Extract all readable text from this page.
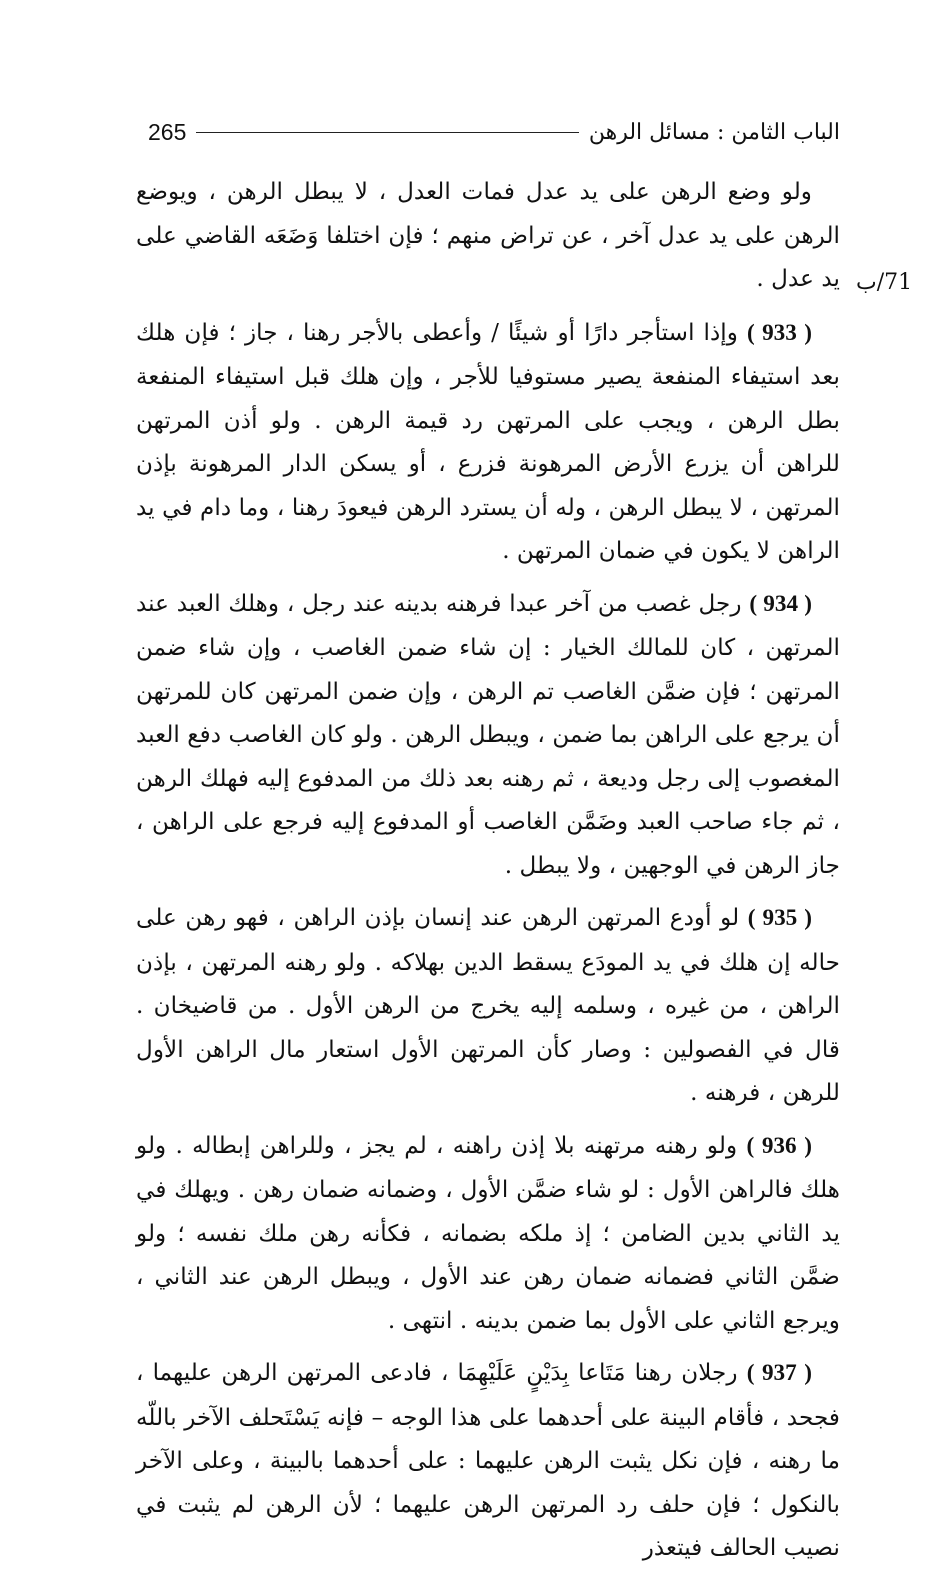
الباب الثامن : مسائل الرهن
265
71/ب

ولو وضع الرهن على يد عدل فمات العدل ، لا يبطل الرهن ، ويوضع الرهن على يد عدل آخر ، عن تراض منهم ؛ فإن اختلفا وَضَعَه القاضي على يد عدل .

( 933 ) وإذا استأجر دارًا أو شيئًا / وأعطى بالأجر رهنا ، جاز ؛ فإن هلك بعد استيفاء المنفعة يصير مستوفيا للأجر ، وإن هلك قبل استيفاء المنفعة بطل الرهن ، ويجب على المرتهن رد قيمة الرهن . ولو أذن المرتهن للراهن أن يزرع الأرض المرهونة فزرع ، أو يسكن الدار المرهونة بإذن المرتهن ، لا يبطل الرهن ، وله أن يسترد الرهن فيعودَ رهنا ، وما دام في يد الراهن لا يكون في ضمان المرتهن .

( 934 ) رجل غصب من آخر عبدا فرهنه بدينه عند رجل ، وهلك العبد عند المرتهن ، كان للمالك الخيار : إن شاء ضمن الغاصب ، وإن شاء ضمن المرتهن ؛ فإن ضمَّن الغاصب تم الرهن ، وإن ضمن المرتهن كان للمرتهن أن يرجع على الراهن بما ضمن ، ويبطل الرهن . ولو كان الغاصب دفع العبد المغصوب إلى رجل وديعة ، ثم رهنه بعد ذلك من المدفوع إليه فهلك الرهن ، ثم جاء صاحب العبد وضَمَّن الغاصب أو المدفوع إليه فرجع على الراهن ، جاز الرهن في الوجهين ، ولا يبطل .

( 935 ) لو أودع المرتهن الرهن عند إنسان بإذن الراهن ، فهو رهن على حاله إن هلك في يد المودَع يسقط الدين بهلاكه . ولو رهنه المرتهن ، بإذن الراهن ، من غيره ، وسلمه إليه يخرج من الرهن الأول . من قاضيخان . قال في الفصولين : وصار كأن المرتهن الأول استعار مال الراهن الأول للرهن ، فرهنه .

( 936 ) ولو رهنه مرتهنه بلا إذن راهنه ، لم يجز ، وللراهن إبطاله . ولو هلك فالراهن الأول : لو شاء ضمَّن الأول ، وضمانه ضمان رهن . ويهلك في يد الثاني بدين الضامن ؛ إذ ملكه بضمانه ، فكأنه رهن ملك نفسه ؛ ولو ضمَّن الثاني فضمانه ضمان رهن عند الأول ، ويبطل الرهن عند الثاني ، ويرجع الثاني على الأول بما ضمن بدينه . انتهى .

( 937 ) رجلان رهنا مَتَاعا بِدَيْنٍ عَلَيْهِمَا ، فادعى المرتهن الرهن عليهما ، فجحد ، فأقام البينة على أحدهما على هذا الوجه – فإنه يَسْتَحلف الآخر باللّه ما رهنه ، فإن نكل يثبت الرهن عليهما : على أحدهما بالبينة ، وعلى الآخر بالنكول ؛ فإن حلف رد المرتهن الرهن عليهما ؛ لأن الرهن لم يثبت في نصيب الحالف فيتعذر
